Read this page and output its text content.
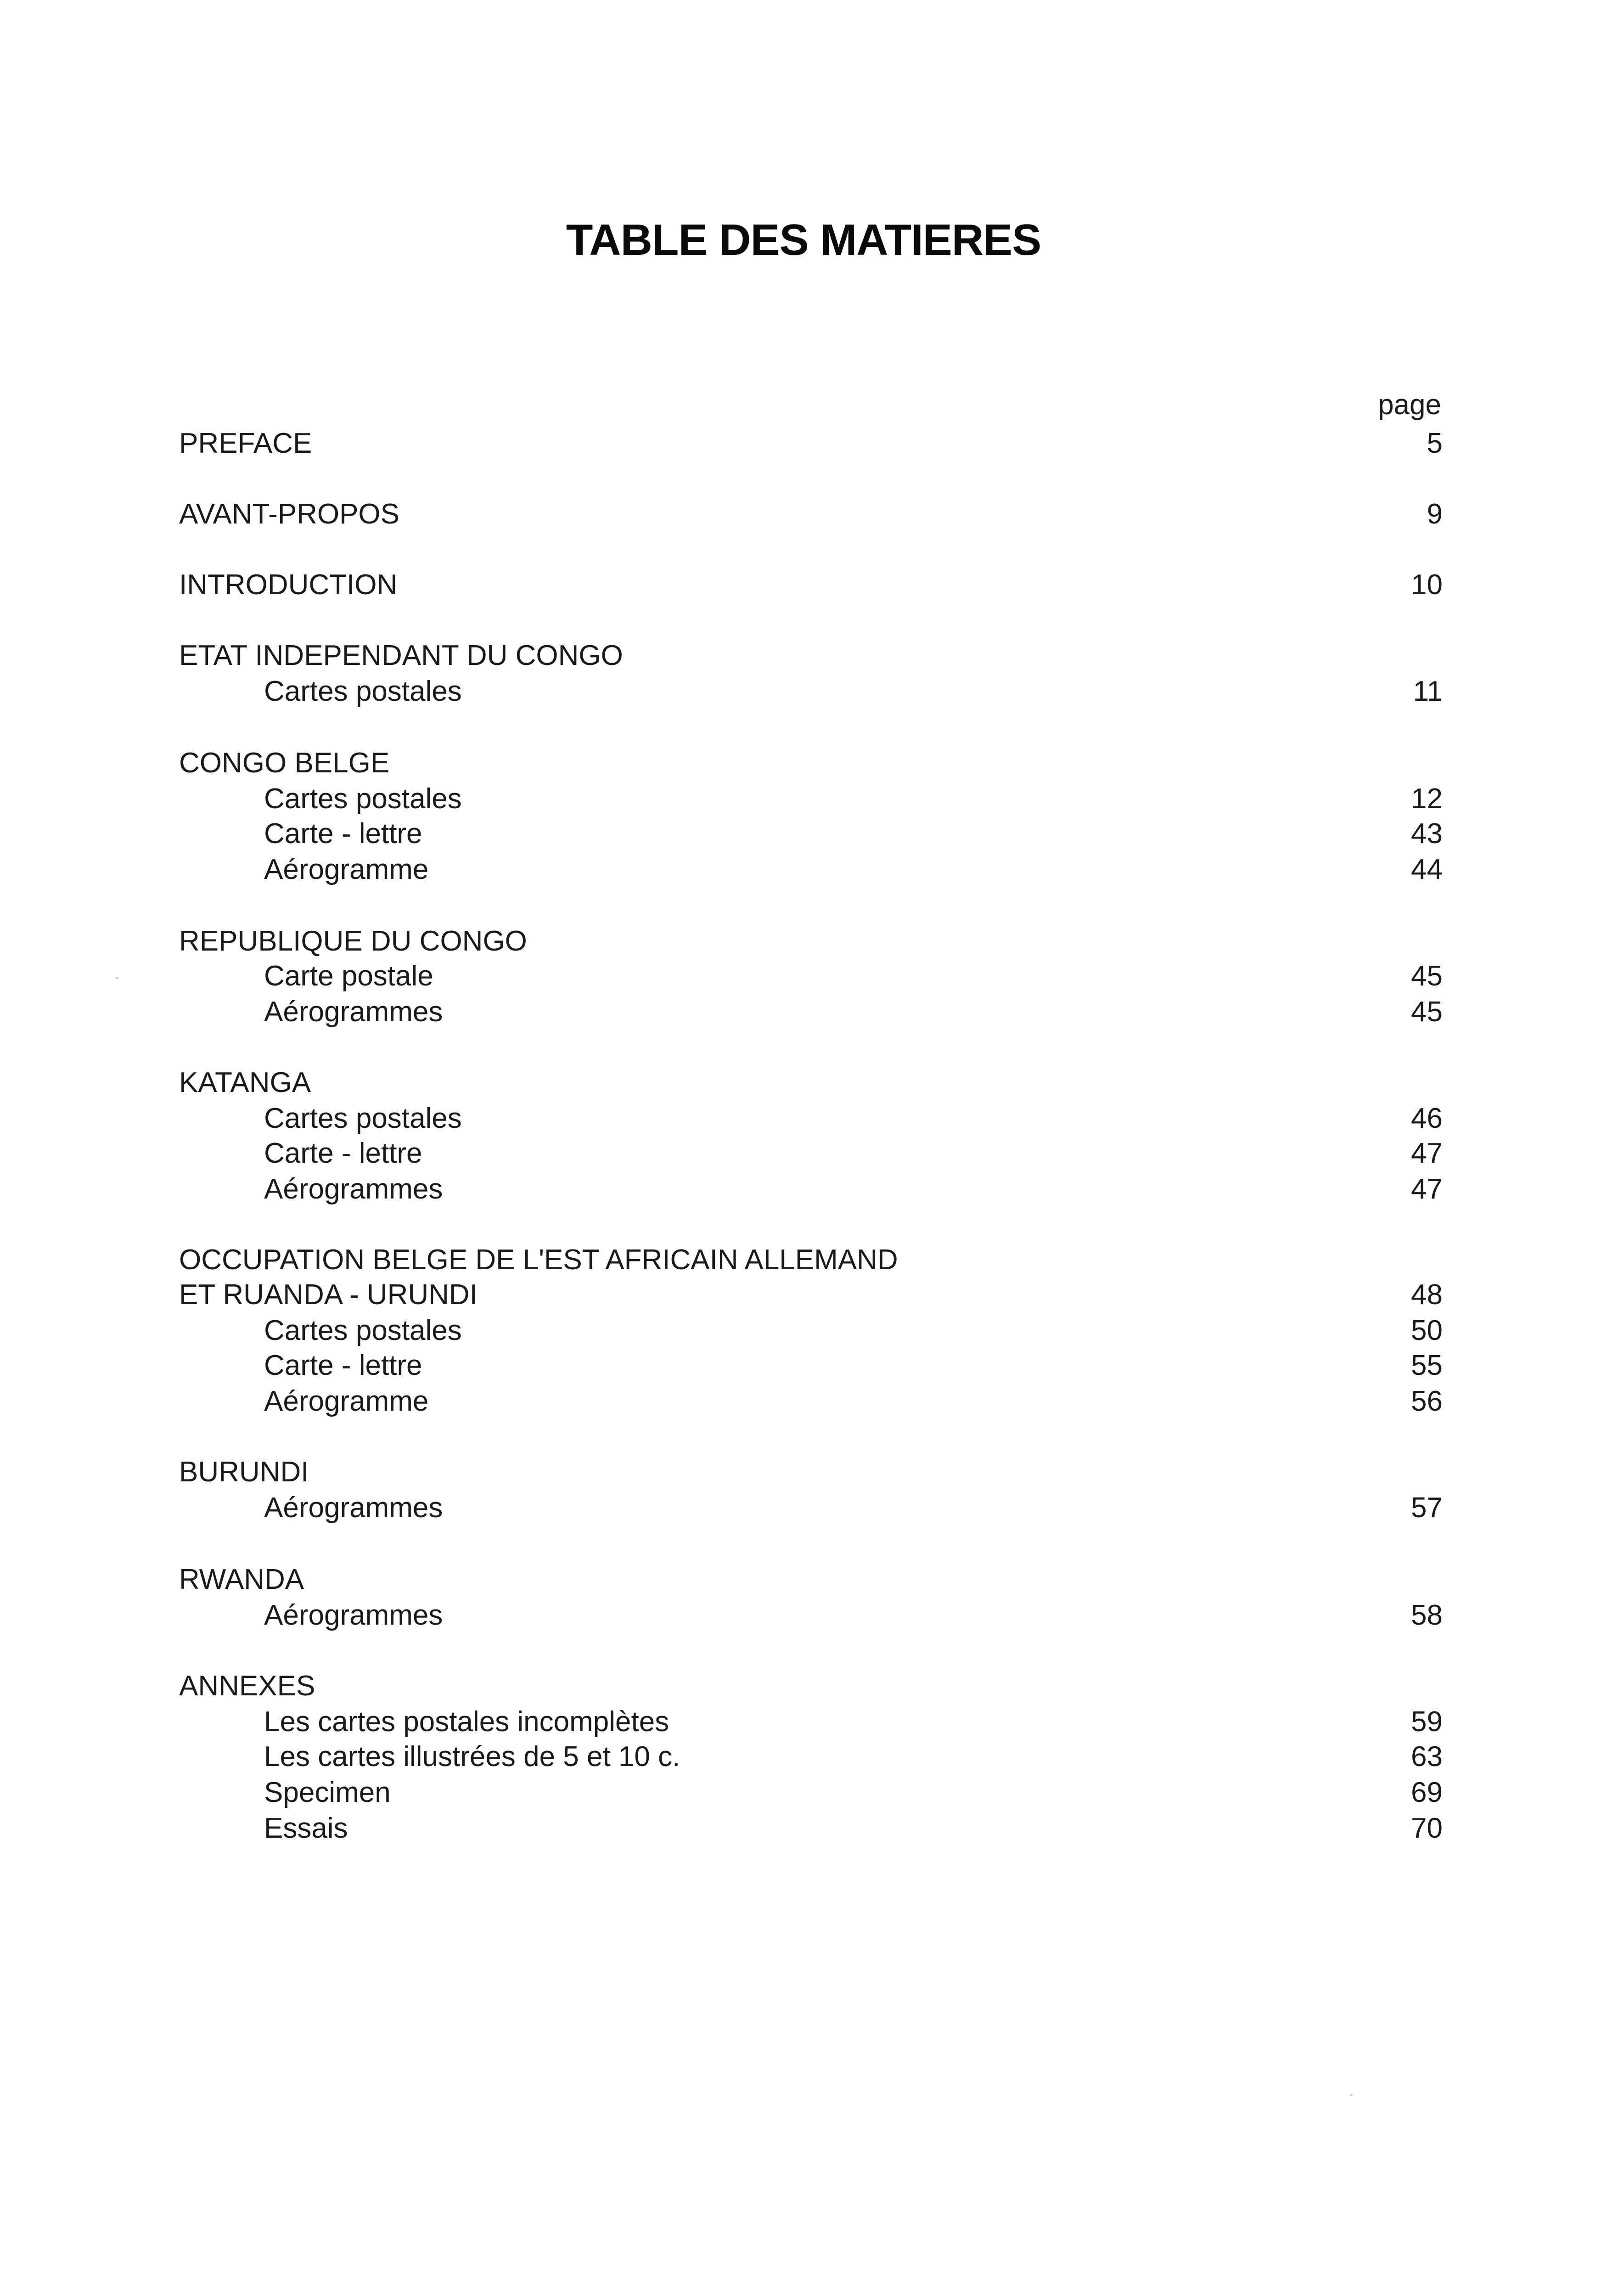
TABLE DES MATIERES
page
PREFACE	5
AVANT-PROPOS	9
INTRODUCTION	10
ETAT INDEPENDANT DU CONGO
Cartes postales	11
CONGO BELGE
Cartes postales	12
Carte - lettre	43
Aérogramme	44
REPUBLIQUE DU CONGO
Carte postale	45
Aérogrammes	45
KATANGA
Cartes postales	46
Carte - lettre	47
Aérogrammes	47
OCCUPATION BELGE DE L'EST AFRICAIN ALLEMAND
ET RUANDA - URUNDI	48
Cartes postales	50
Carte - lettre	55
Aérogramme	56
BURUNDI
Aérogrammes	57
RWANDA
Aérogrammes	58
ANNEXES
Les cartes postales incomplètes	59
Les cartes illustrées de 5 et 10 c.	63
Specimen	69
Essais	70
